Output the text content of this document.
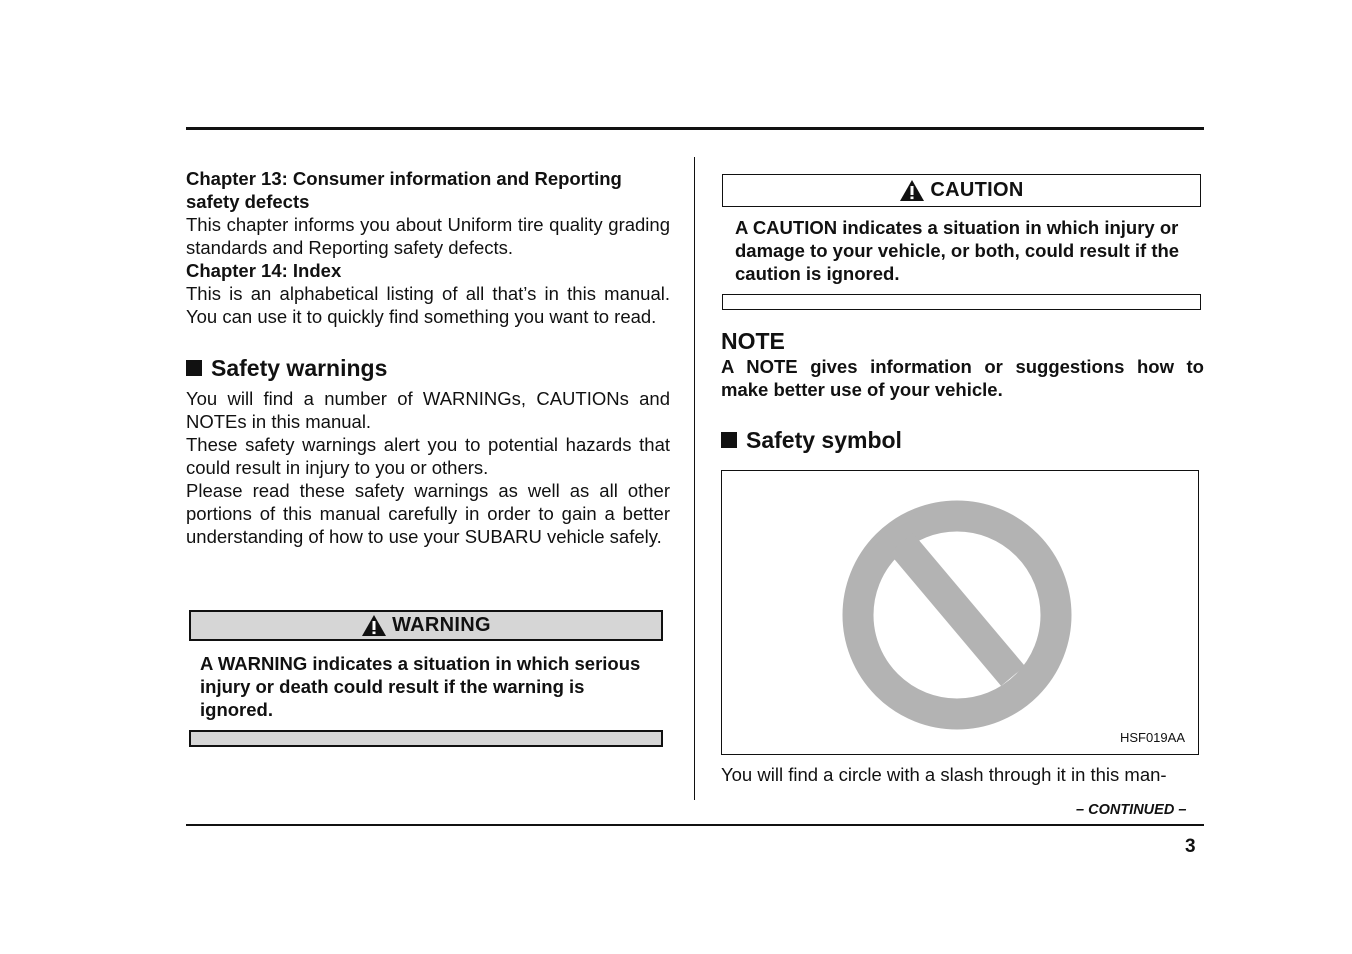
Chapter 13: Consumer information and Reporting safety defects

This chapter informs you about Uniform tire quality grading standards and Reporting safety defects.

Chapter 14: Index

This is an alphabetical listing of all that’s in this manual. You can use it to quickly find something you want to read.

Safety warnings

You will find a number of WARNINGs, CAUTIONs and NOTEs in this manual.

These safety warnings alert you to potential hazards that could result in injury to you or others.

Please read these safety warnings as well as all other portions of this manual carefully in order to gain a better understanding of how to use your SUBARU vehicle safely.

WARNING

A WARNING indicates a situation in which serious injury or death could result if the warning is ignored.

CAUTION

A CAUTION indicates a situation in which injury or damage to your vehicle, or both, could result if the caution is ignored.

NOTE

A NOTE gives information or suggestions how to make better use of your vehicle.

Safety symbol
HSF019AA

You will find a circle with a slash through it in this man-

– CONTINUED –
3
